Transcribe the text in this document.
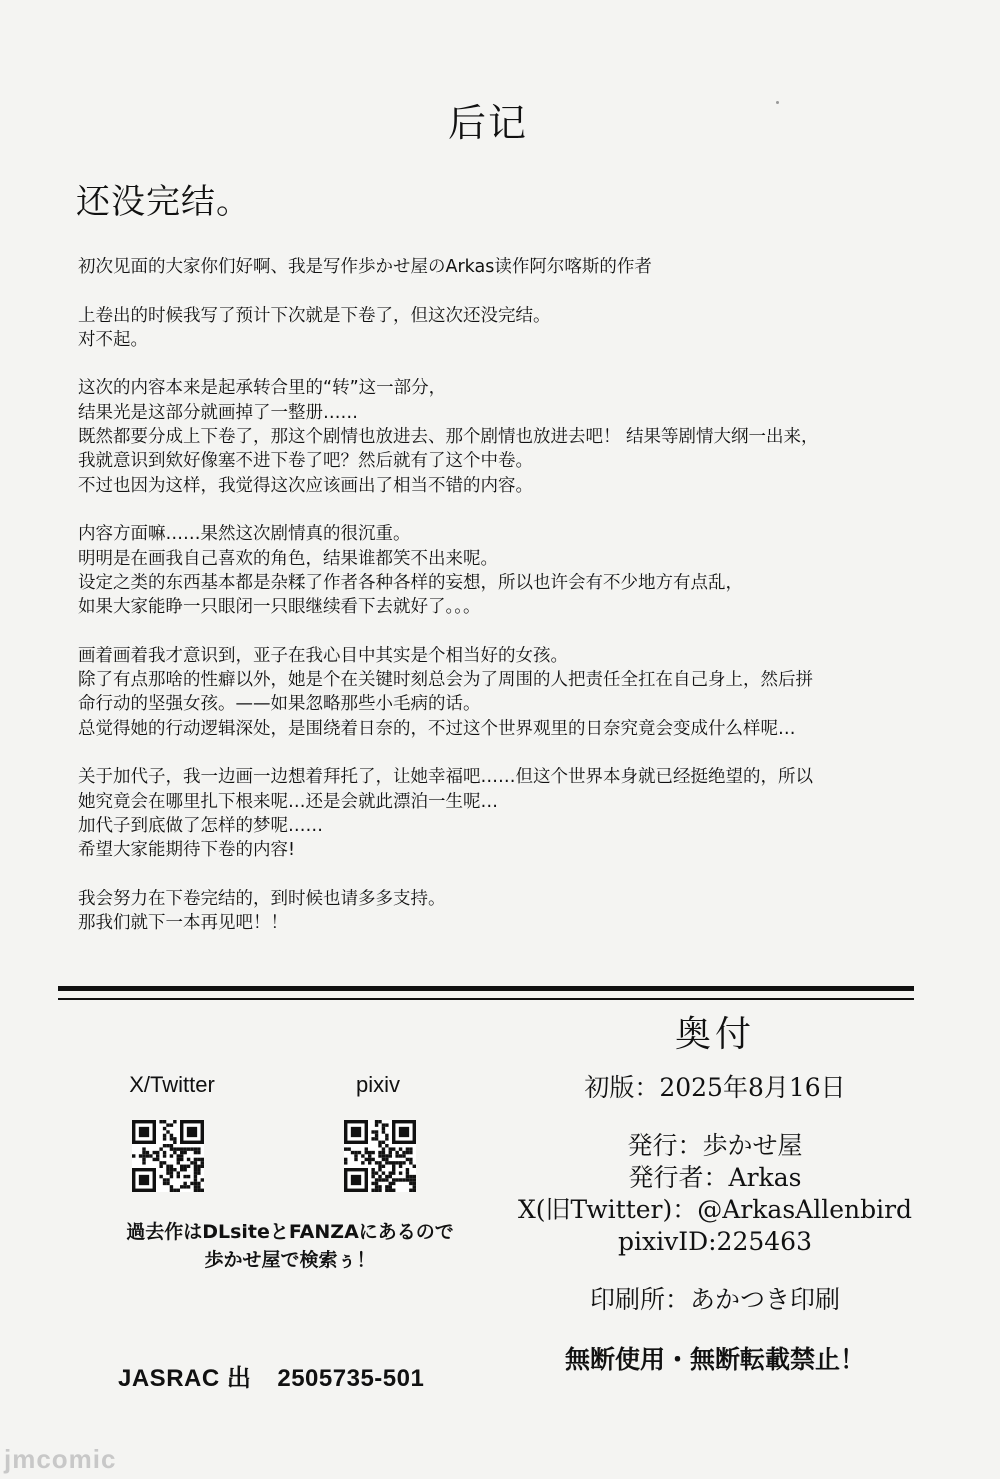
后记
还没完结。
初次见面的大家你们好啊、我是写作歩かせ屋のArkas读作阿尔喀斯的作者
上卷出的时候我写了预计下次就是下卷了，但这次还没完结。
对不起。
这次的内容本来是起承转合里的“转”这一部分，
结果光是这部分就画掉了一整册……
既然都要分成上下卷了，那这个剧情也放进去、那个剧情也放进去吧！ 结果等剧情大纲一出来，
我就意识到欸好像塞不进下卷了吧？然后就有了这个中卷。
不过也因为这样，我觉得这次应该画出了相当不错的内容。
内容方面嘛……果然这次剧情真的很沉重。
明明是在画我自己喜欢的角色，结果谁都笑不出来呢。
设定之类的东西基本都是杂糅了作者各种各样的妄想，所以也许会有不少地方有点乱，
如果大家能睁一只眼闭一只眼继续看下去就好了。。。
画着画着我才意识到，亚子在我心目中其实是个相当好的女孩。
除了有点那啥的性癖以外，她是个在关键时刻总会为了周围的人把责任全扛在自己身上，然后拼
命行动的坚强女孩。——如果忽略那些小毛病的话。
总觉得她的行动逻辑深处，是围绕着日奈的，不过这个世界观里的日奈究竟会变成什么样呢…
关于加代子，我一边画一边想着拜托了，让她幸福吧……但这个世界本身就已经挺绝望的，所以
她究竟会在哪里扎下根来呢…还是会就此漂泊一生呢…
加代子到底做了怎样的梦呢……
希望大家能期待下卷的内容!
我会努力在下卷完结的，到时候也请多多支持。
那我们就下一本再见吧！！
X/Twitter	pixiv
過去作はDLsiteとFANZAにあるので
歩かせ屋で検索ぅ！
JASRAC 出 2505735-501
奥付
初版：2025年8月16日
発行：歩かせ屋
発行者：Arkas
X(旧Twitter)：@ArkasAllenbird
pixivID:225463
印刷所：あかつき印刷
無断使用・無断転載禁止！
jmcomic
